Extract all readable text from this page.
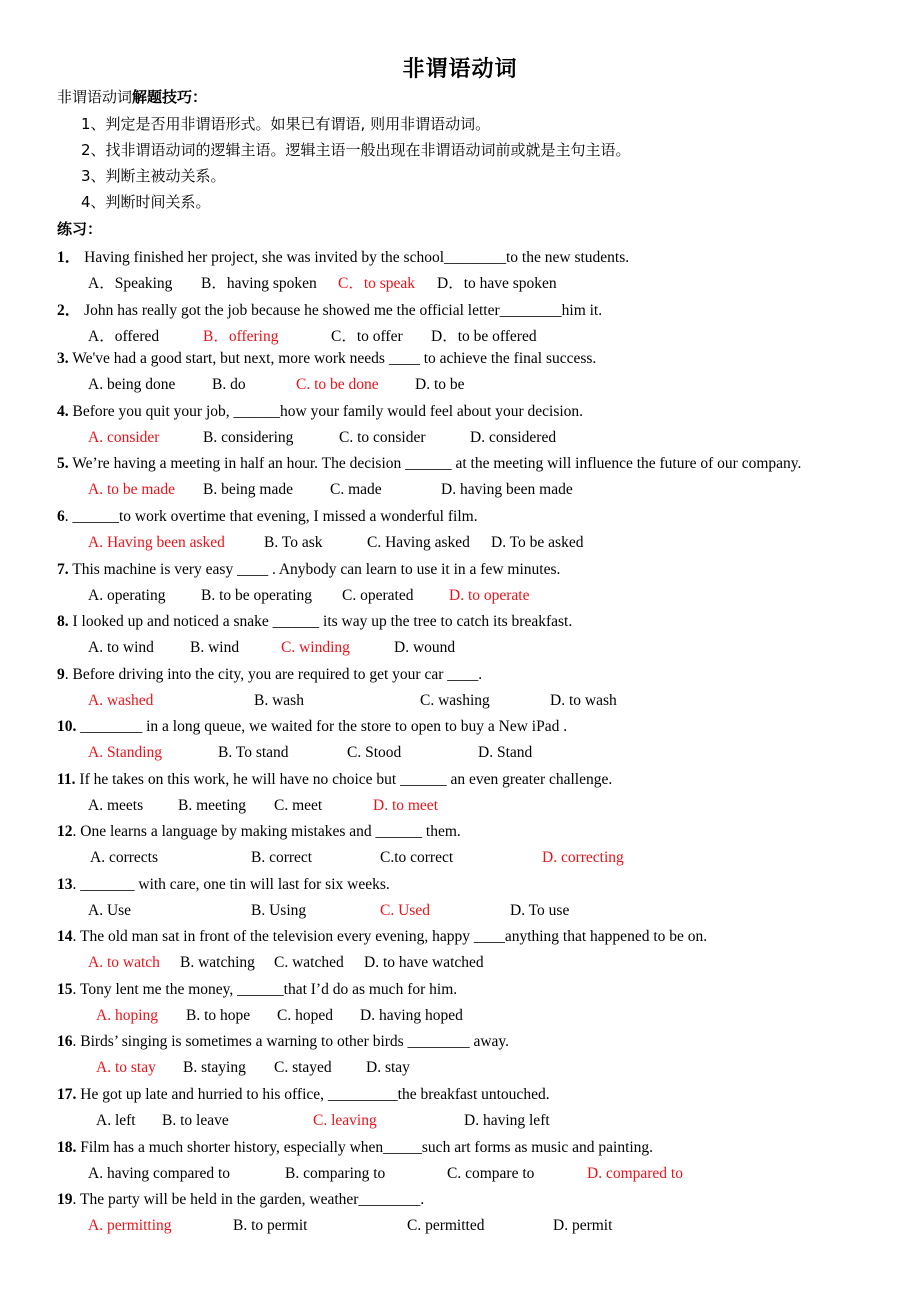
非谓语动词
非谓语动词解题技巧：
1、判定是否用非谓语形式。如果已有谓语, 则用非谓语动词。
2、找非谓语动词的逻辑主语。逻辑主语一般出现在非谓语动词前或就是主句主语。
3、判断主被动关系。
4、判断时间关系。
练习：
1． Having finished her project, she was invited by the school________to the new students.
A．Speaking B．having spoken C．to speak D．to have spoken
2． John has really got the job because he showed me the official letter________him it.
A．offered	B．offering	C．to offer D．to be offered
3. We've had a good start, but next, more work needs ____ to achieve the final success.
A. being done B. do	C. to be done D. to be
4. Before you quit your job, ______how your family would feel about your decision.
A. consider	B. considering	C. to consider	D. considered
5. We’re having a meeting in half an hour. The decision ______ at the meeting will influence the future of our company.
A. to be made B. being made C. made	D. having been made
6. ______to work overtime that evening, I missed a wonderful film.
A. Having been asked	B. To ask	C. Having asked D. To be asked
7. This machine is very easy ____ . Anybody can learn to use it in a few minutes.
A. operating B. to be operating C. operated D. to operate
8. I looked up and noticed a snake ______ its way up the tree to catch its breakfast.
A. to wind B. wind	C. winding	D. wound
9. Before driving into the city, you are required to get your car ____.
A. washed	B. wash	C. washing	D. to wash
10. ________ in a long queue, we waited for the store to open to buy a New iPad .
A. Standing	B. To stand	C. Stood	D. Stand
11. If he takes on this work, he will have no choice but ______ an even greater challenge.
A. meets B. meeting C. meet	D. to meet
12. One learns a language by making mistakes and ______ them.
A. corrects	B. correct	C.to correct	D. correcting
13. _______ with care, one tin will last for six weeks.
A. Use	B. Using	C. Used	D. To use
14. The old man sat in front of the television every evening, happy ____anything that happened to be on.
A. to watch B. watching C. watched D. to have watched
15. Tony lent me the money, ______that I’d do as much for him.
A. hoping B. to hope C. hoped D. having hoped
16. Birds’ singing is sometimes a warning to other birds ________ away.
A. to stay B. staying C. stayed D. stay
17. He got up late and hurried to his office, _________the breakfast untouched.
A. left B. to leave	C. leaving	D. having left
18. Film has a much shorter history, especially when_____such art forms as music and painting.
A. having compared to	B. comparing to	C. compare to	D. compared to
19. The party will be held in the garden, weather________.
A. permitting	B. to permit	C. permitted	D. permit
